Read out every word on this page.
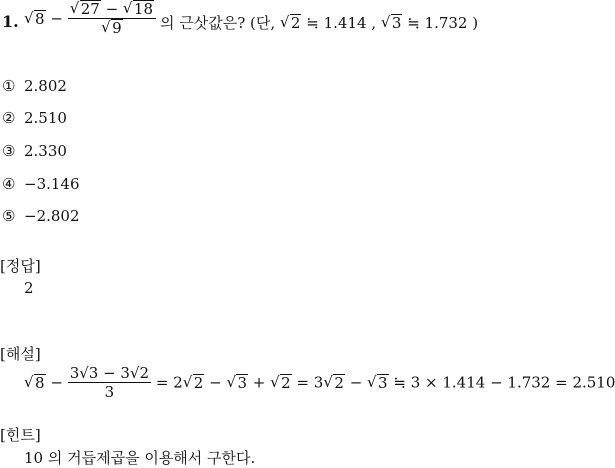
1.
√	8 −
√ 27 − √ 18
√ 9 의 근삿값은? (단, √ 2 ≒ 1.414 , √ 3 ≒ 1.732 )
① 2.802
② 2.510
③ 2.330
④ −3.146
⑤ −2.802
[정답]
2
[해설]
√ $8 - \frac{3√3 - 3√2}{3} = 2√$ 2 − √ 3 + √ 2 = 3√ 2 − √ 3 ≒ 3 × 1.414 − 1.732 = 2.510
[힌트]
10 의 거듭제곱을 이용해서 구한다.
